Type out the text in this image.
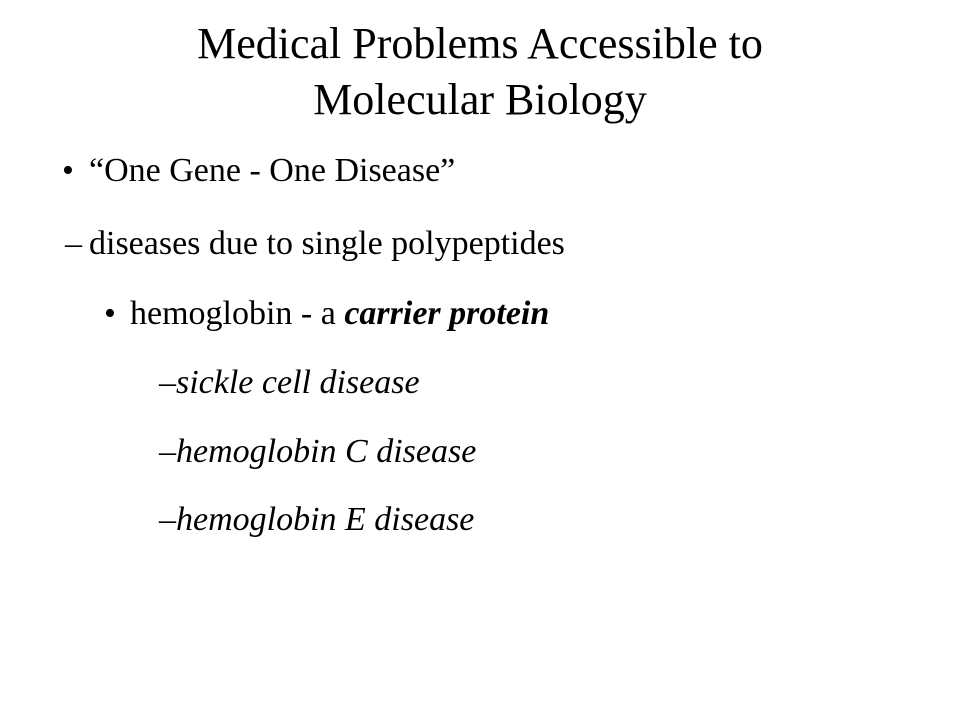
Medical Problems Accessible to
Molecular Biology
• “One Gene - One Disease”
– diseases due to single polypeptides
• hemoglobin - a carrier protein
–sickle cell disease
–hemoglobin C disease
–hemoglobin E disease
